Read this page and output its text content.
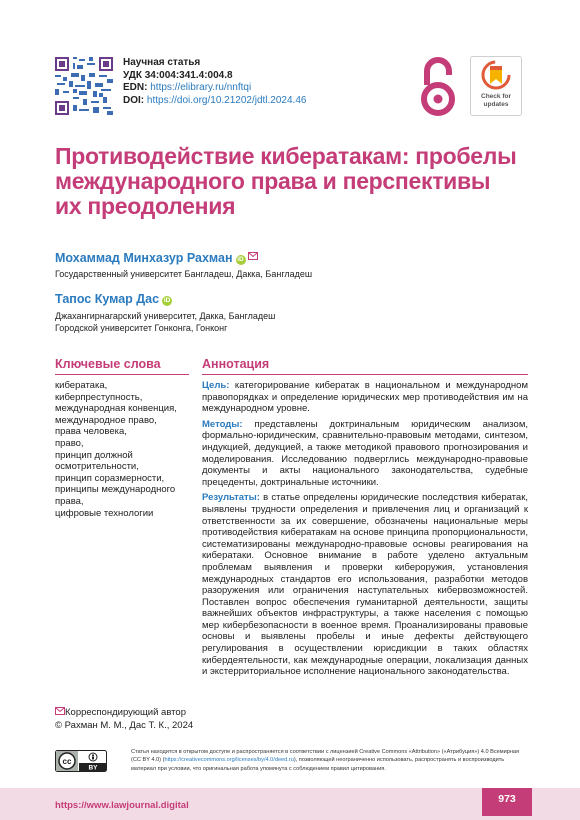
Научная статья
УДК 34:004:341.4:004.8
EDN: https://elibrary.ru/nnftqi
DOI: https://doi.org/10.21202/jdtl.2024.46	Check for updates
Противодействие кибератакам: пробелы
международного права и перспективы
их преодоления
Мохаммад Минхазур Рахман iD
Государственный университет Бангладеш, Дакка, Бангладеш
Тапос Кумар Дас iD
Джахангирнагарский университет, Дакка, Бангладеш
Городской университет Гонконга, Гонконг
Ключевые слова	Аннотация
кибератака,
киберпреступность,
международная конвенция,
международное право,
права человека,
право,
принцип должной
осмотрительности,
принцип соразмерности,
принципы международного
права,
цифровые технологии

Цель: категорирование кибератак в национальном и международном правопорядках и определение юридических мер противодействия им на международном уровне.

Методы: представлены доктринальным юридическим анализом, формально-юридическим, сравнительно-правовым методами, синтезом, индукцией, дедукцией, а также методикой правового прогнозирования и моделирования. Исследованию подверглись международно-правовые документы и акты национального законодательства, судебные прецеденты, доктринальные источники.

Результаты: в статье определены юридические последствия кибератак, выявлены трудности определения и привлечения лиц и организаций к ответственности за их совершение, обозначены национальные меры противодействия кибератакам на основе принципа пропорциональности, систематизированы международно-правовые основы реагирования на кибератаки. Основное внимание в работе уделено актуальным проблемам выявления и проверки кибероружия, установления международных стандартов его использования, разработки методов разоружения или ограничения наступательных кибервозможностей. Поставлен вопрос обеспечения гуманитарной деятельности, защиты важнейших объектов инфраструктуры, а также населения с помощью мер кибербезопасности в военное время. Проанализированы правовые основы и выявлены пробелы и иные дефекты действующего регулирования в осуществлении юрисдикции в таких областях кибердеятельности, как международные операции, локализация данных и экстерриториальное исполнение национального законодательства.

Корреспондирующий автор
© Рахман М. М., Дас Т. К., 2024
cc
BY
Статья находится в открытом доступе и распространяется в соответствии с лицензией Creative Commons «Attribution» («Атрибуция») 4.0 Всемирная (CC BY 4.0) (https://creativecommons.org/licenses/by/4.0/deed.ru), позволяющей неограниченно использовать, распространять и воспроизводить материал при условии, что оригинальная работа упомянута с соблюдением правил цитирования.
https://www.lawjournal.digital
973
